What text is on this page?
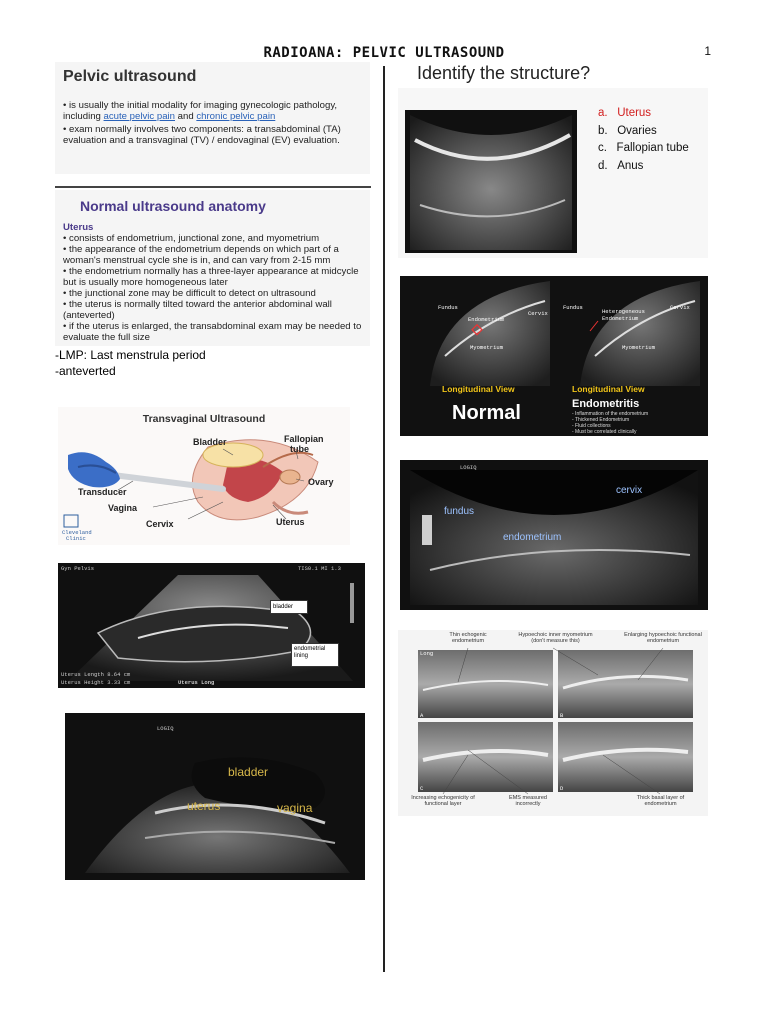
RADIOANA: PELVIC ULTRASOUND	1
Pelvic ultrasound
• is usually the initial modality for imaging gynecologic pathology, including acute pelvic pain and chronic pelvic pain
• exam normally involves two components: a transabdominal (TA) evaluation and a transvaginal (TV) / endovaginal (EV) evaluation.
Normal ultrasound anatomy
Uterus
• consists of endometrium, junctional zone, and myometrium
• the appearance of the endometrium depends on which part of a woman's menstrual cycle she is in, and can vary from 2-15 mm
• the endometrium normally has a three-layer appearance at midcycle but is usually more homogeneous later
• the junctional zone may be difficult to detect on ultrasound
• the uterus is normally tilted toward the anterior abdominal wall (anteverted)
• if the uterus is enlarged, the transabdominal exam may be needed to evaluate the full size
-LMP: Last menstrula period
-anteverted
Transvaginal Ultrasound
Bladder	Fallopian
tube
Ovary
Transducer
Vagina
Cervix	Uterus
Cleveland
Clinic
Gyn Pelvis	TIS0.1 MI 1.3
bladder
endometrial
lining
Uterus Length 8.64 cm
Uterus Height 3.33 cm	Uterus Long
LOGIQ
bladder
uterus	vagina
Identify the structure?
a. Uterus
b. Ovaries
c. Fallopian tube
d. Anus
Fundus
Cervix
Endometrium
Myometrium
Fundus	Cervix
Heterogeneous Endometrium
Myometrium
Longitudinal View	Longitudinal View
Normal	Endometritis
- Inflammation of the endometrium
- Thickened Endometrium
- Fluid collections
- Must be correlated clinically
LOGIQ
fundus
cervix
endometrium
Thin echogenic endometrium
Hypoechoic inner myometrium (don't measure this)
Enlarging hypoechoic functional endometrium
Long
A	B
C	D
Increasing echogenicity of functional layer
EMS measured incorrectly
Thick basal layer of endometrium
